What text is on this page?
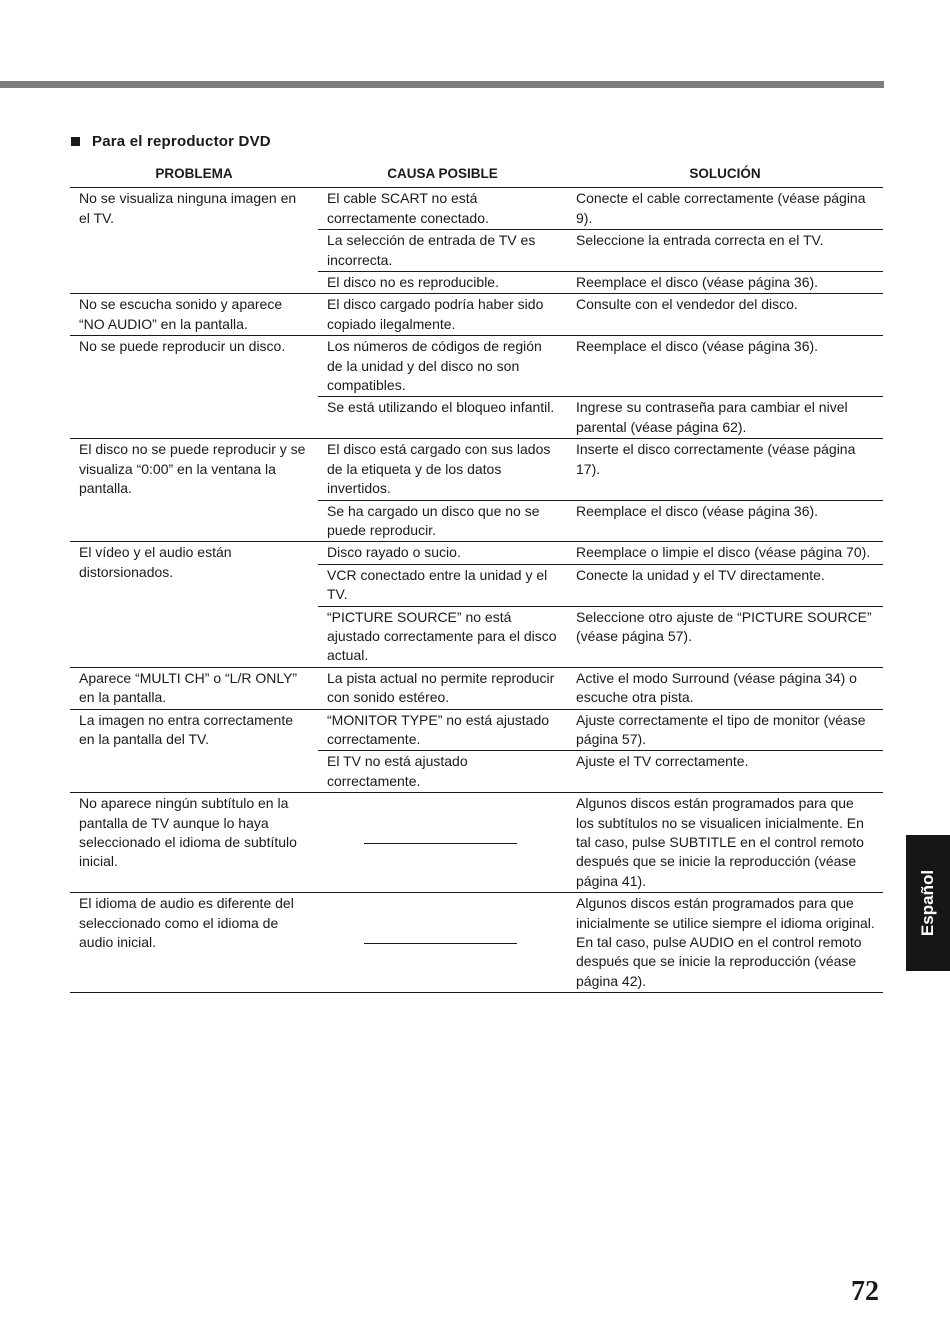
Para el reproductor DVD
PROBLEMA	CAUSA POSIBLE	SOLUCIÓN
No se visualiza ninguna imagen en el TV.	El cable SCART no está correctamente conectado.	Conecte el cable correctamente (véase página 9).
	La selección de entrada de TV es incorrecta.	Seleccione la entrada correcta en el TV.
	El disco no es reproducible.	Reemplace el disco (véase página 36).
No se escucha sonido y aparece “NO AUDIO” en la pantalla.	El disco cargado podría haber sido copiado ilegalmente.	Consulte con el vendedor del disco.
No se puede reproducir un disco.	Los números de códigos de región de la unidad y del disco no son compatibles.	Reemplace el disco (véase página 36).
	Se está utilizando el bloqueo infantil.	Ingrese su contraseña para cambiar el nivel parental (véase página 62).
El disco no se puede reproducir y se visualiza “0:00” en la ventana la pantalla.	El disco está cargado con sus lados de la etiqueta y de los datos invertidos.	Inserte el disco correctamente (véase página 17).
	Se ha cargado un disco que no se puede reproducir.	Reemplace el disco (véase página 36).
El vídeo y el audio están distorsionados.	Disco rayado o sucio.	Reemplace o limpie el disco (véase página 70).
	VCR conectado entre la unidad y el TV.	Conecte la unidad y el TV directamente.
	“PICTURE SOURCE” no está ajustado correctamente para el disco actual.	Seleccione otro ajuste de “PICTURE SOURCE” (véase página 57).
Aparece “MULTI CH” o “L/R ONLY” en la pantalla.	La pista actual no permite reproducir con sonido estéreo.	Active el modo Surround (véase página 34) o escuche otra pista.
La imagen no entra correctamente en la pantalla del TV.	“MONITOR TYPE” no está ajustado correctamente.	Ajuste correctamente el tipo de monitor (véase página 57).
	El TV no está ajustado correctamente.	Ajuste el TV correctamente.
No aparece ningún subtítulo en la pantalla de TV aunque lo haya seleccionado el idioma de subtítulo inicial.		Algunos discos están programados para que los subtítulos no se visualicen inicialmente. En tal caso, pulse SUBTITLE en el control remoto después que se inicie la reproducción (véase página 41).
El idioma de audio es diferente del seleccionado como el idioma de audio inicial.		Algunos discos están programados para que inicialmente se utilice siempre el idioma original. En tal caso, pulse AUDIO en el control remoto después que se inicie la reproducción (véase página 42).
Español
72
